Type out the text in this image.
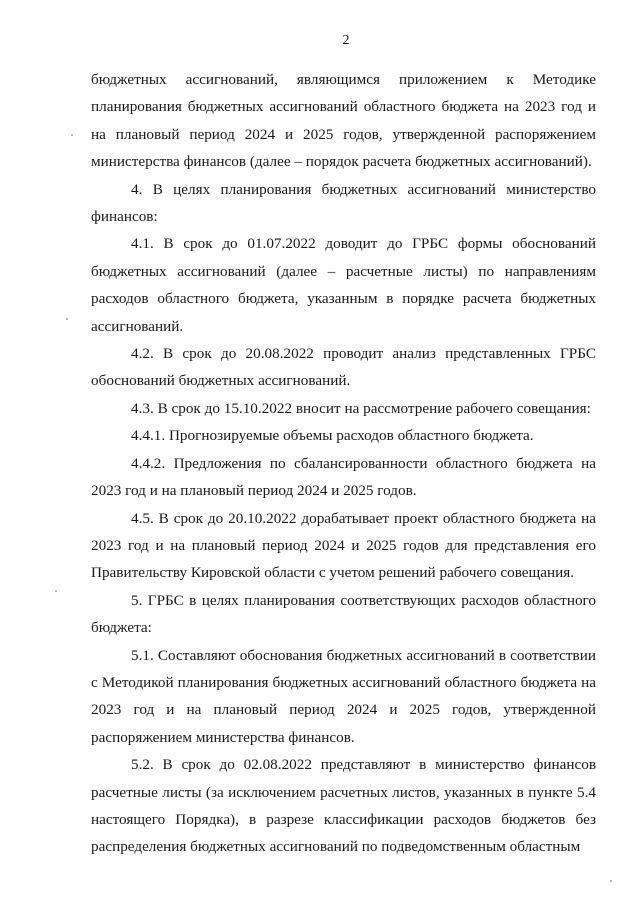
2

бюджетных ассигнований, являющимся приложением к Методике планирования бюджетных ассигнований областного бюджета на 2023 год и на плановый период 2024 и 2025 годов, утвержденной распоряжением министерства финансов (далее – порядок расчета бюджетных ассигнований).

4. В целях планирования бюджетных ассигнований министерство финансов:

4.1. В срок до 01.07.2022 доводит до ГРБС формы обоснований бюджетных ассигнований (далее – расчетные листы) по направлениям расходов областного бюджета, указанным в порядке расчета бюджетных ассигнований.

4.2. В срок до 20.08.2022 проводит анализ представленных ГРБС обоснований бюджетных ассигнований.

4.3. В срок до 15.10.2022 вносит на рассмотрение рабочего совещания:

4.4.1. Прогнозируемые объемы расходов областного бюджета.

4.4.2. Предложения по сбалансированности областного бюджета на 2023 год и на плановый период 2024 и 2025 годов.

4.5. В срок до 20.10.2022 дорабатывает проект областного бюджета на 2023 год и на плановый период 2024 и 2025 годов для представления его Правительству Кировской области с учетом решений рабочего совещания.

5. ГРБС в целях планирования соответствующих расходов областного бюджета:

5.1. Составляют обоснования бюджетных ассигнований в соответствии с Методикой планирования бюджетных ассигнований областного бюджета на 2023 год и на плановый период 2024 и 2025 годов, утвержденной распоряжением министерства финансов.

5.2. В срок до 02.08.2022 представляют в министерство финансов расчетные листы (за исключением расчетных листов, указанных в пункте 5.4 настоящего Порядка), в разрезе классификации расходов бюджетов без распределения бюджетных ассигнований по подведомственным областным
